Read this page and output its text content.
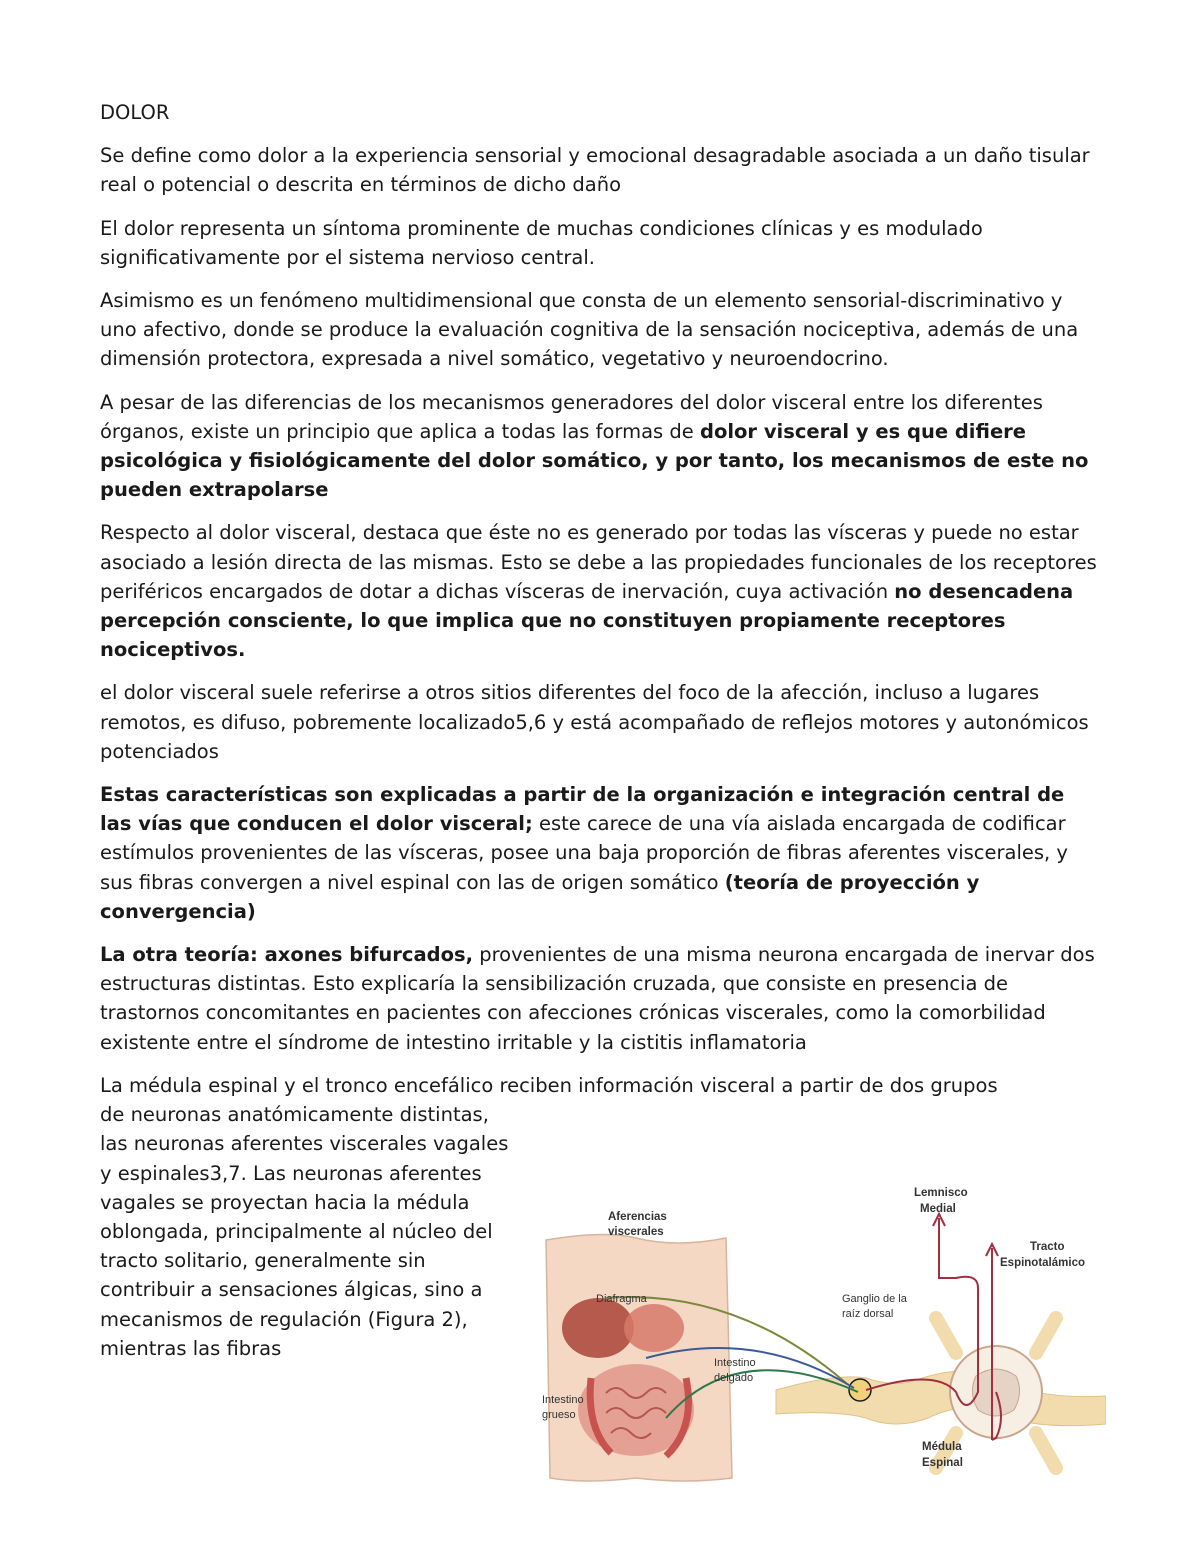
DOLOR

Se define como dolor a la experiencia sensorial y emocional desagradable asociada a un daño tisular real o potencial o descrita en términos de dicho daño

El dolor representa un síntoma prominente de muchas condiciones clínicas y es modulado significativamente por el sistema nervioso central.

Asimismo es un fenómeno multidimensional que consta de un elemento sensorial-discriminativo y uno afectivo, donde se produce la evaluación cognitiva de la sensación nociceptiva, además de una dimensión protectora, expresada a nivel somático, vegetativo y neuroendocrino.

A pesar de las diferencias de los mecanismos generadores del dolor visceral entre los diferentes órganos, existe un principio que aplica a todas las formas de dolor visceral y es que difiere psicológica y fisiológicamente del dolor somático, y por tanto, los mecanismos de este no pueden extrapolarse

Respecto al dolor visceral, destaca que éste no es generado por todas las vísceras y puede no estar asociado a lesión directa de las mismas. Esto se debe a las propiedades funcionales de los receptores periféricos encargados de dotar a dichas vísceras de inervación, cuya activación no desencadena percepción consciente, lo que implica que no constituyen propiamente receptores nociceptivos.

el dolor visceral suele referirse a otros sitios diferentes del foco de la afección, incluso a lugares remotos, es difuso, pobremente localizado5,6 y está acompañado de reflejos motores y autonómicos potenciados

Estas características son explicadas a partir de la organización e integración central de las vías que conducen el dolor visceral; este carece de una vía aislada encargada de codificar estímulos provenientes de las vísceras, posee una baja proporción de fibras aferentes viscerales, y sus fibras convergen a nivel espinal con las de origen somático (teoría de proyección y convergencia)

La otra teoría: axones bifurcados, provenientes de una misma neurona encargada de inervar dos estructuras distintas. Esto explicaría la sensibilización cruzada, que consiste en presencia de trastornos concomitantes en pacientes con afecciones crónicas viscerales, como la comorbilidad existente entre el síndrome de intestino irritable y la cistitis inflamatoria

La médula espinal y el tronco encefálico reciben información visceral a partir de dos grupos
de neuronas anatómicamente distintas, las neuronas aferentes viscerales vagales y espinales3,7. Las neuronas aferentes vagales se proyectan hacia la médula oblongada, principalmente al núcleo del tracto solitario, generalmente sin contribuir a sensaciones álgicas, sino a mecanismos de regulación (Figura 2), mientras las fibras

Aferencias viscerales
Diafragma
Intestino delgado
Intestino grueso
Ganglio de la raíz dorsal
Lemnisco Medial
Tracto Espinotalámico
Médula Espinal
